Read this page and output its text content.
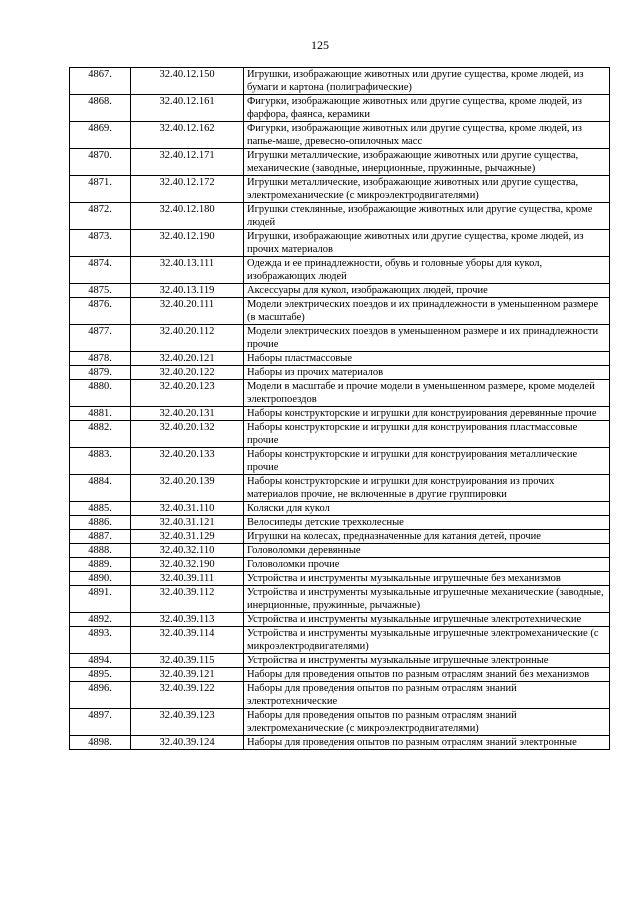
125
4867.	32.40.12.150	Игрушки, изображающие животных или другие существа, кроме людей, из бумаги и картона (полиграфические)
4868.	32.40.12.161	Фигурки, изображающие животных или другие существа, кроме людей, из фарфора, фаянса, керамики
4869.	32.40.12.162	Фигурки, изображающие животных или другие существа, кроме людей, из папье-маше, древесно-опилочных масс
4870.	32.40.12.171	Игрушки металлические, изображающие животных или другие существа, механические (заводные, инерционные, пружинные, рычажные)
4871.	32.40.12.172	Игрушки металлические, изображающие животных или другие существа, электромеханические (с микроэлектродвигателями)
4872.	32.40.12.180	Игрушки стеклянные, изображающие животных или другие существа, кроме людей
4873.	32.40.12.190	Игрушки, изображающие животных или другие существа, кроме людей, из прочих материалов
4874.	32.40.13.111	Одежда и ее принадлежности, обувь и головные уборы для кукол, изображающих людей
4875.	32.40.13.119	Аксессуары для кукол, изображающих людей, прочие
4876.	32.40.20.111	Модели электрических поездов и их принадлежности в уменьшенном размере (в масштабе)
4877.	32.40.20.112	Модели электрических поездов в уменьшенном размере и их принадлежности прочие
4878.	32.40.20.121	Наборы пластмассовые
4879.	32.40.20.122	Наборы из прочих материалов
4880.	32.40.20.123	Модели в масштабе и прочие модели в уменьшенном размере, кроме моделей электропоездов
4881.	32.40.20.131	Наборы конструкторские и игрушки для конструирования деревянные прочие
4882.	32.40.20.132	Наборы конструкторские и игрушки для конструирования пластмассовые прочие
4883.	32.40.20.133	Наборы конструкторские и игрушки для конструирования металлические прочие
4884.	32.40.20.139	Наборы конструкторские и игрушки для конструирования из прочих материалов прочие, не включенные в другие группировки
4885.	32.40.31.110	Коляски для кукол
4886.	32.40.31.121	Велосипеды детские трехколесные
4887.	32.40.31.129	Игрушки на колесах, предназначенные для катания детей, прочие
4888.	32.40.32.110	Головоломки деревянные
4889.	32.40.32.190	Головоломки прочие
4890.	32.40.39.111	Устройства и инструменты музыкальные игрушечные без механизмов
4891.	32.40.39.112	Устройства и инструменты музыкальные игрушечные механические (заводные, инерционные, пружинные, рычажные)
4892.	32.40.39.113	Устройства и инструменты музыкальные игрушечные электротехнические
4893.	32.40.39.114	Устройства и инструменты музыкальные игрушечные электромеханические (с микроэлектродвигателями)
4894.	32.40.39.115	Устройства и инструменты музыкальные игрушечные электронные
4895.	32.40.39.121	Наборы для проведения опытов по разным отраслям знаний без механизмов
4896.	32.40.39.122	Наборы для проведения опытов по разным отраслям знаний электротехнические
4897.	32.40.39.123	Наборы для проведения опытов по разным отраслям знаний электромеханические (с микроэлектродвигателями)
4898.	32.40.39.124	Наборы для проведения опытов по разным отраслям знаний электронные
